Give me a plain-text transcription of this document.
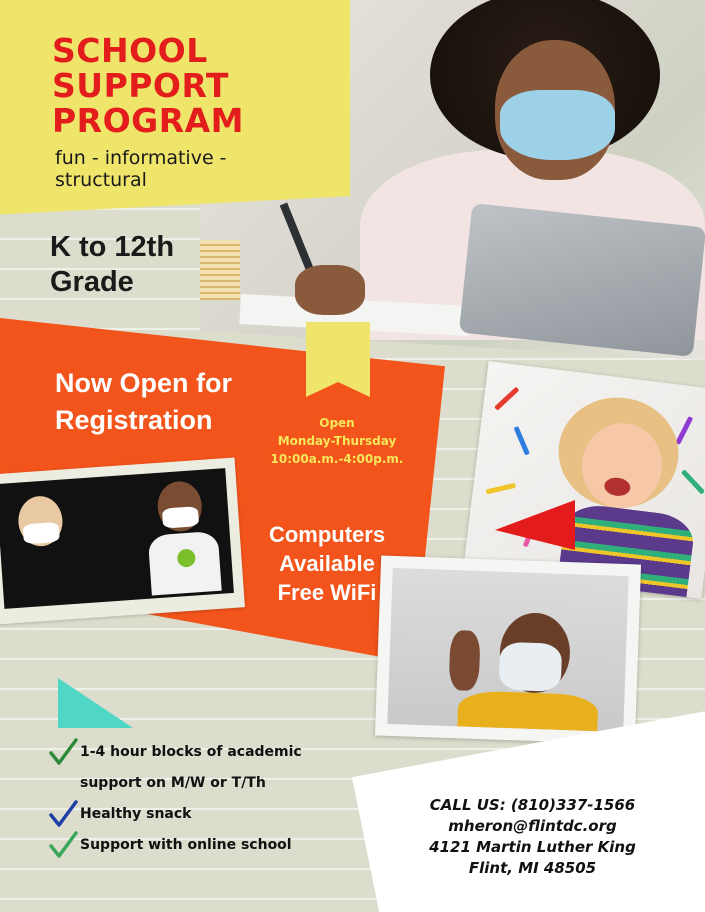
SCHOOL
SUPPORT
PROGRAM
fun - informative -
structural
K to 12th
Grade
Now Open for
Registration	Open
Monday-Thursday
10:00a.m.-4:00p.m.
Computers
Available
Free WiFi
1-4 hour blocks of academic
support on M/W or T/Th
Healthy snack
Support with online school
CALL US: (810)337-1566
mheron@flintdc.org
4121 Martin Luther King
Flint, MI 48505
